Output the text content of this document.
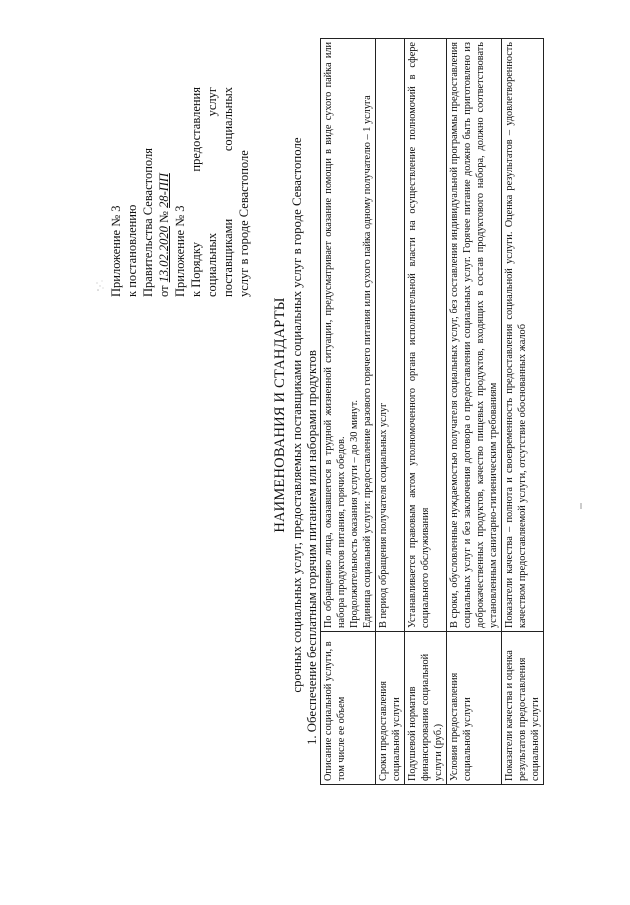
Приложение № 3 к постановлению Правительства Севастополя от 13.02.2020 № 28-ПП
Приложение № 3 к Порядку
предоставления
социальных
услуг
поставщиками
социальных
услуг в городе Севастополе
НАИМЕНОВАНИЯ И СТАНДАРТЫ срочных социальных услуг, предоставляемых поставщиками социальных услуг в городе Севастополе 1. Обеспечение бесплатным горячим питанием или наборами продуктов Описание социальной услуги, в том числе ее объем	По обращению лица, оказавшегося в трудной жизненной ситуации, предусматривает оказание помощи в виде сухого пайка или набора продуктов питания, горячих обедов. Продолжительность оказания услуги – до 30 минут. Единица социальной услуги: предоставление разового горячего питания или сухого пайка одному получателю – 1 услуга

Сроки предоставления социальной услуги	В период обращения получателя социальных услуг

Подушевой норматив финансирования социальной услуги (руб.)	Устанавливается правовым актом уполномоченного органа исполнительной власти на осуществление полномочий в сфере социального обслуживания

Условия предоставления социальной услуги	В сроки, обусловленные нуждаемостью получателя социальных услуг, без составления индивидуальной программы предоставления социальных услуг и без заключения договора о предоставлении социальных услуг. Горячее питание должно быть приготовлено из доброкачественных продуктов, качество пищевых продуктов, входящих в состав продуктового набора, должно соответствовать установленным санитарно-гигиеническим требованиям

Показатели качества и оценка результатов предоставления социальной услуги	Показатели качества – полнота и своевременность предоставления социальной услуги. Оценка результатов – удовлетворенность качеством предоставляемой услуги, отсутствие обоснованных жалоб
